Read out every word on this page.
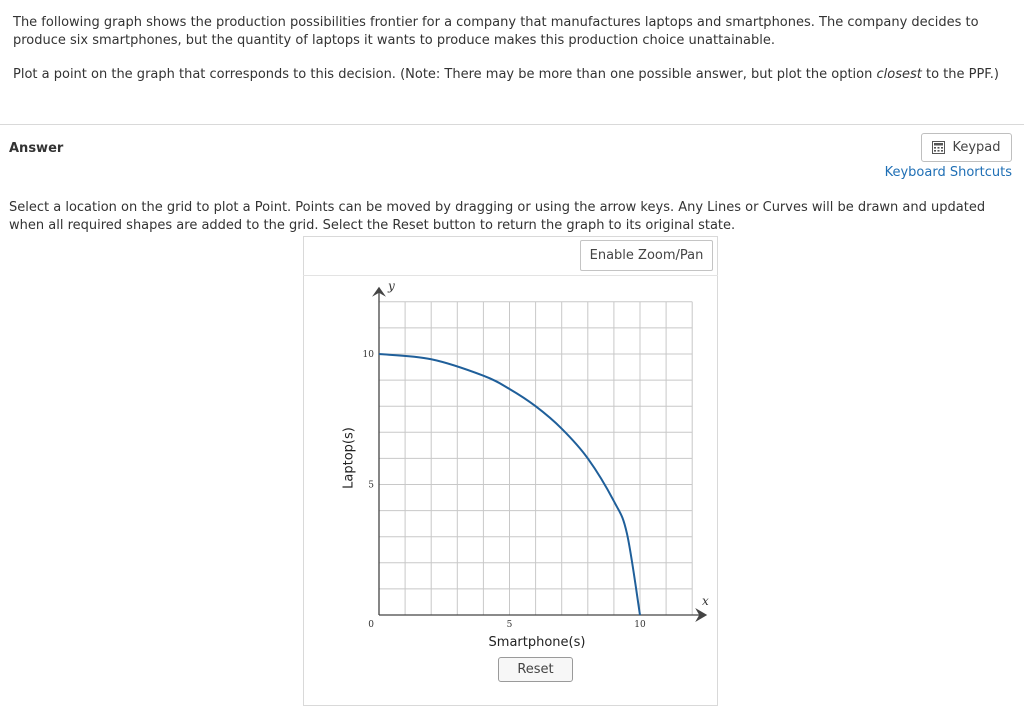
The following graph shows the production possibilities frontier for a company that manufactures laptops and smartphones. The company decides to produce six smartphones, but the quantity of laptops it wants to produce makes this production choice unattainable.

Plot a point on the graph that corresponds to this decision. (Note: There may be more than one possible answer, but plot the option closest to the PPF.)

Answer	Keypad
Keyboard Shortcuts
Select a location on the grid to plot a Point. Points can be moved by dragging or using the arrow keys. Any Lines or Curves will be drawn and updated when all required shapes are added to the grid. Select the Reset button to return the graph to its original state.
Enable Zoom/Pan
5	10
0
5
10
y
x
Laptop(s)
Smartphone(s)
Reset
